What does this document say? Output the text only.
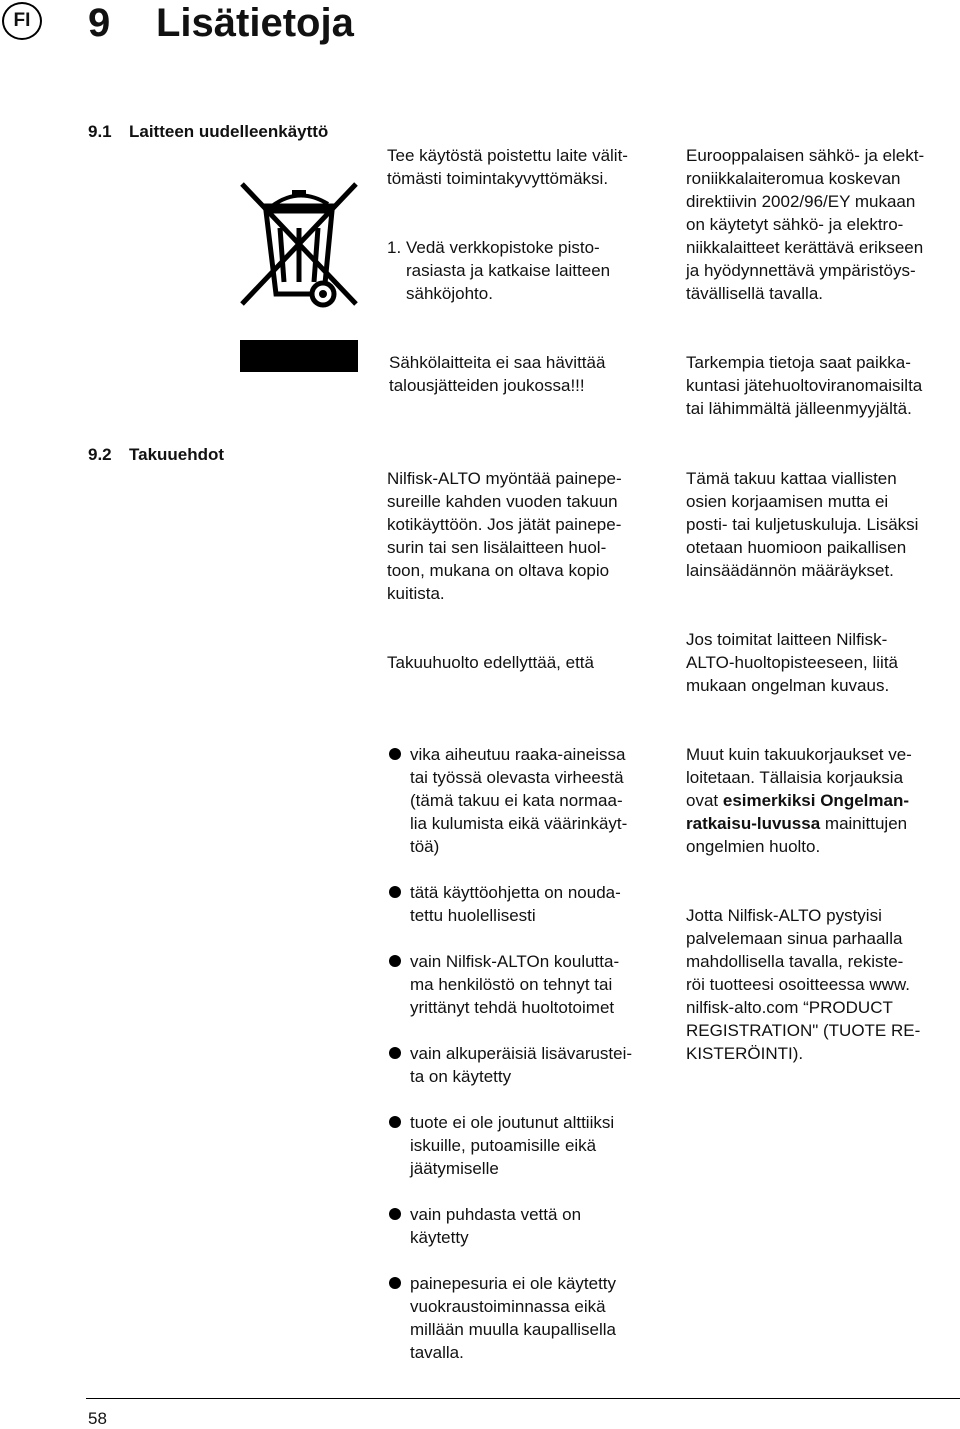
FI 9 Lisätietoja
9.1 Laitteen uudelleenkäyttö

Tee käytöstä poistettu laite välit-
tömästi toimintakyvyttömäksi.

1. Vedä verkkopistoke pisto-
rasiasta ja katkaise laitteen
sähköjohto.

Sähkölaitteita ei saa hävittää
talousjätteiden joukossa!!!

Eurooppalaisen sähkö- ja elekt-
roniikkalaiteromua koskevan
direktiivin 2002/96/EY mukaan
on käytetyt sähkö- ja elektro-
niikkalaitteet kerättävä erikseen
ja hyödynnettävä ympäristöys-
tävällisellä tavalla.

Tarkempia tietoja saat paikka-
kuntasi jätehuoltoviranomaisilta
tai lähimmältä jälleenmyyjältä.

9.2 Takuuehdot

Nilfisk-ALTO myöntää painepe-
sureille kahden vuoden takuun
kotikäyttöön. Jos jätät painepe-
surin tai sen lisälaitteen huol-
toon, mukana on oltava kopio
kuitista.

Takuuhuolto edellyttää, että

vika aiheutuu raaka-aineissa
tai työssä olevasta virheestä
(tämä takuu ei kata normaa-
lia kulumista eikä väärinkäyt-
töä)

tätä käyttöohjetta on nouda-
tettu huolellisesti

vain Nilfisk-ALTOn koulutta-
ma henkilöstö on tehnyt tai
yrittänyt tehdä huoltotoimet

vain alkuperäisiä lisävarustei-
ta on käytetty

tuote ei ole joutunut alttiiksi
iskuille, putoamisille eikä
jäätymiselle

vain puhdasta vettä on
käytetty

painepesuria ei ole käytetty
vuokraustoiminnassa eikä
millään muulla kaupallisella
tavalla.

Tämä takuu kattaa viallisten
osien korjaamisen mutta ei
posti- tai kuljetuskuluja. Lisäksi
otetaan huomioon paikallisen
lainsäädännön määräykset.

Jos toimitat laitteen Nilfisk-
ALTO-huoltopisteeseen, liitä
mukaan ongelman kuvaus.

Muut kuin takuukorjaukset ve-
loitetaan. Tällaisia korjauksia
ovat esimerkiksi Ongelman-
ratkaisu-luvussa mainittujen
ongelmien huolto.

Jotta Nilfisk-ALTO pystyisi
palvelemaan sinua parhaalla
mahdollisella tavalla, rekiste-
röi tuotteesi osoitteessa www.
nilfisk-alto.com “PRODUCT
REGISTRATION" (TUOTE RE-
KISTERÖINTI).

58
